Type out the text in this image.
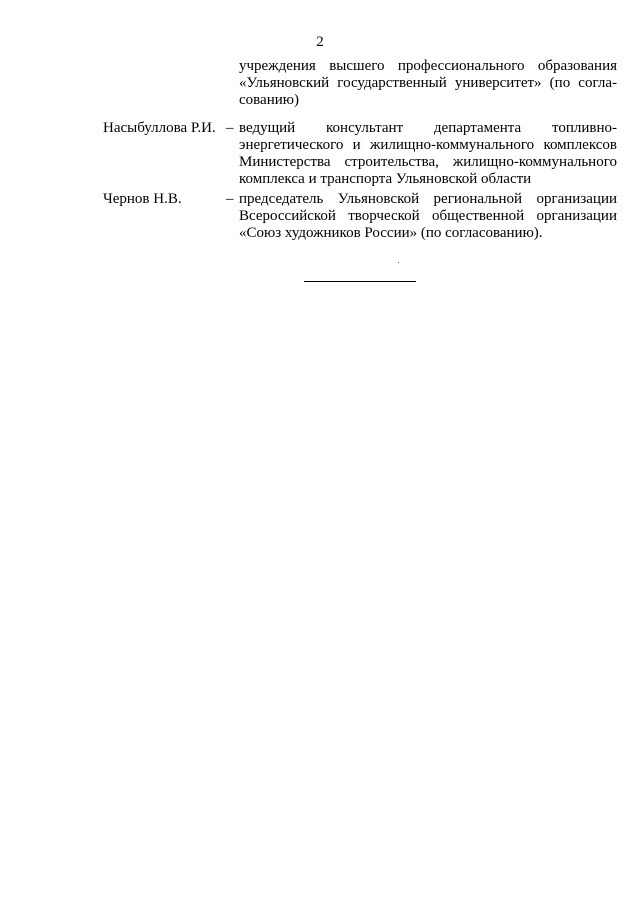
2
учреждения высшего профессионального образования
«Ульяновский государственный университет» (по согла-
сованию)
Насыбуллова Р.И. – ведущий консультант департамента топливно-
энергетического и жилищно-коммунального комплексов
Министерства строительства, жилищно-коммунального
комплекса и транспорта Ульяновской области
Чернов Н.В.	– председатель Ульяновской региональной организации
Всероссийской творческой общественной организации
«Союз художников России» (по согласованию).
